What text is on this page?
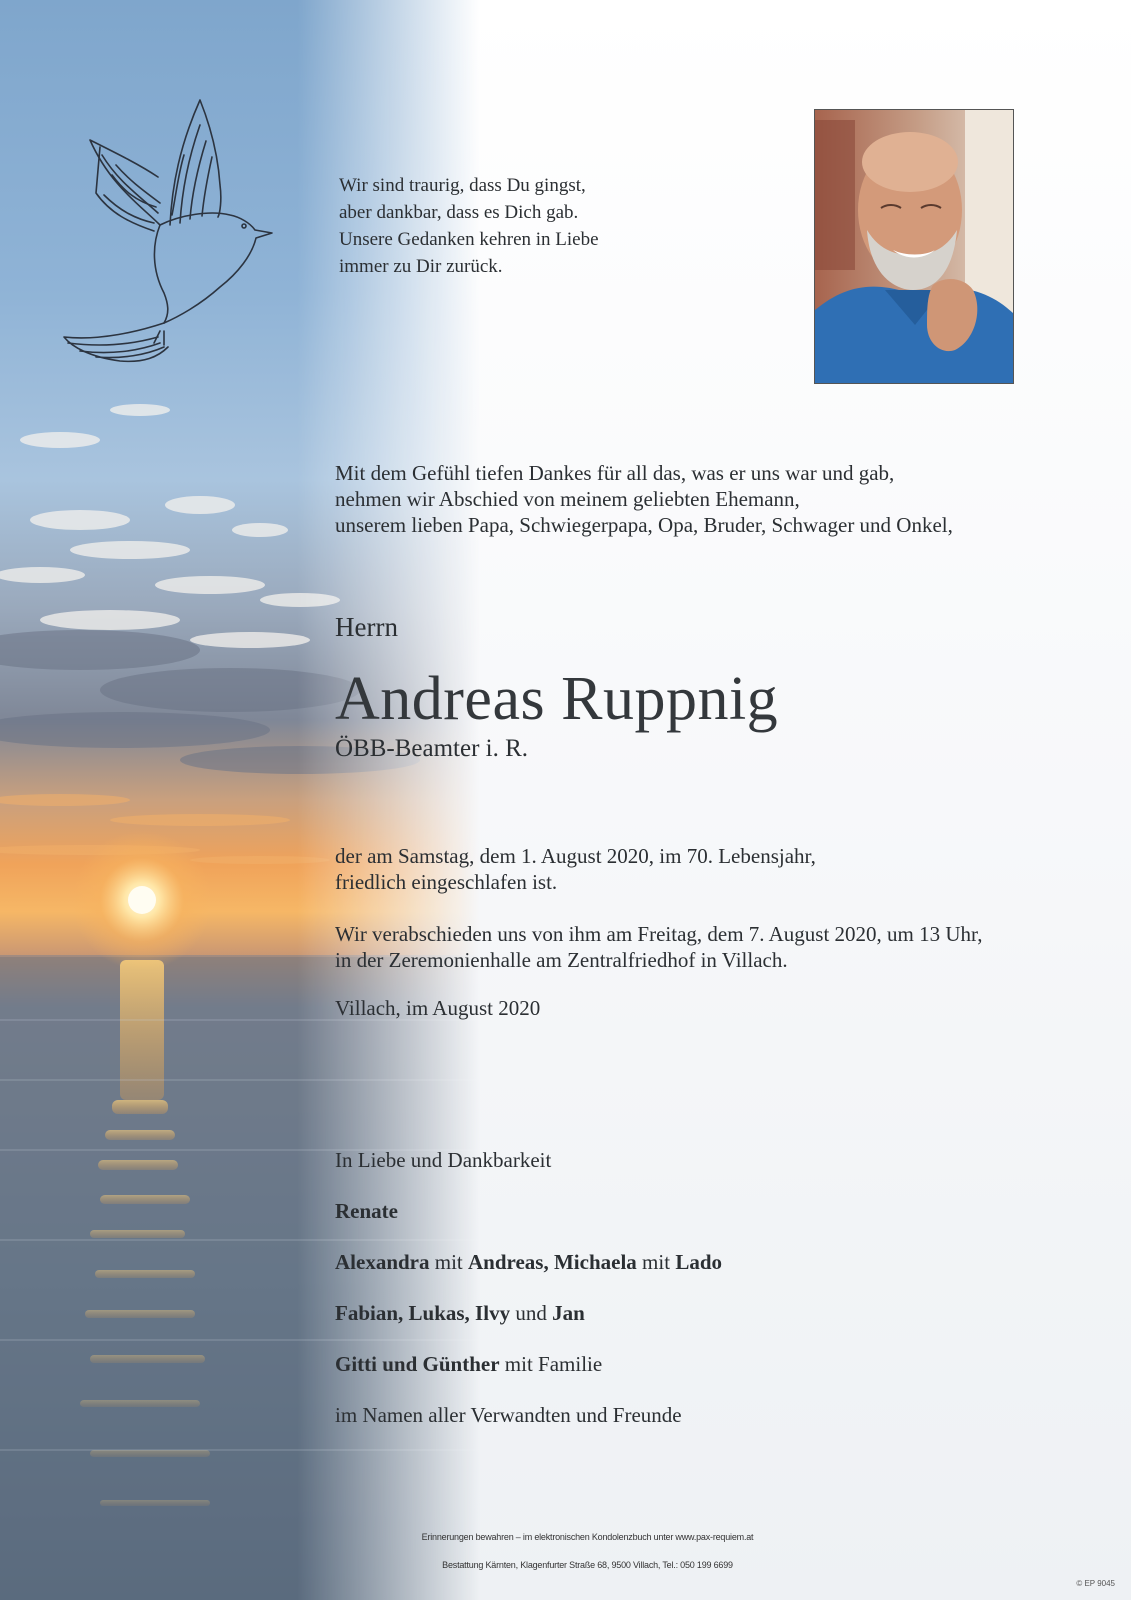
Wir sind traurig, dass Du gingst,
aber dankbar, dass es Dich gab.
Unsere Gedanken kehren in Liebe
immer zu Dir zurück.
Mit dem Gefühl tiefen Dankes für all das, was er uns war und gab,
nehmen wir Abschied von meinem geliebten Ehemann,
unserem lieben Papa, Schwiegerpapa, Opa, Bruder, Schwager und Onkel,
Herrn
Andreas Ruppnig
ÖBB-Beamter i. R.
der am Samstag, dem 1. August 2020, im 70. Lebensjahr,
friedlich eingeschlafen ist.
Wir verabschieden uns von ihm am Freitag, dem 7. August 2020, um 13 Uhr,
in der Zeremonienhalle am Zentralfriedhof in Villach.
Villach, im August 2020
In Liebe und Dankbarkeit
Renate
Alexandra mit Andreas, Michaela mit Lado
Fabian, Lukas, Ilvy und Jan
Gitti und Günther mit Familie
im Namen aller Verwandten und Freunde
Erinnerungen bewahren – im elektronischen Kondolenzbuch unter www.pax-requiem.at
Bestattung Kärnten, Klagenfurter Straße 68, 9500 Villach, Tel.: 050 199 6699
© EP 9045
